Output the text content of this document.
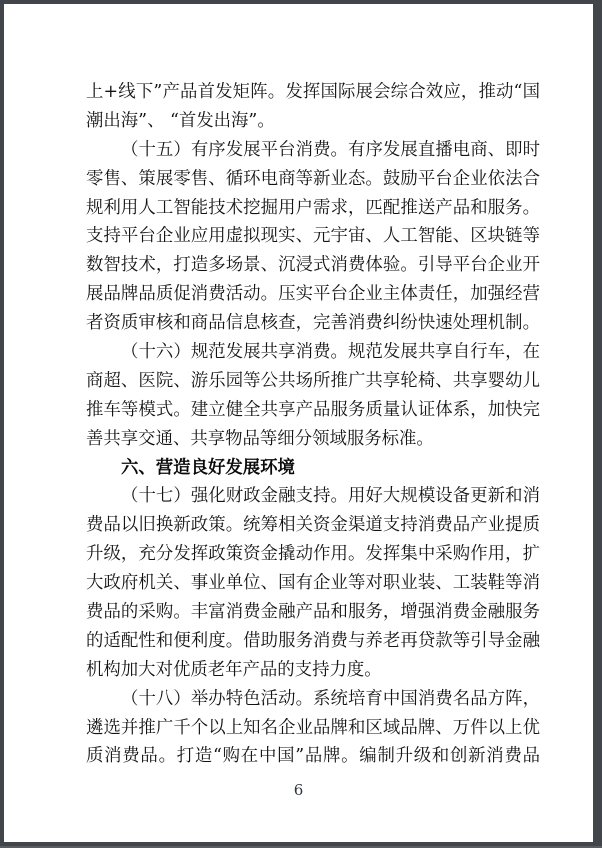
上+线下”产品首发矩阵。发挥国际展会综合效应，推动“国
潮出海”、 “首发出海”。
（十五）有序发展平台消费。有序发展直播电商、即时
零售、策展零售、循环电商等新业态。鼓励平台企业依法合
规利用人工智能技术挖掘用户需求，匹配推送产品和服务。
支持平台企业应用虚拟现实、元宇宙、人工智能、区块链等
数智技术，打造多场景、沉浸式消费体验。引导平台企业开
展品牌品质促消费活动。压实平台企业主体责任，加强经营
者资质审核和商品信息核查，完善消费纠纷快速处理机制。
（十六）规范发展共享消费。规范发展共享自行车，在
商超、医院、游乐园等公共场所推广共享轮椅、共享婴幼儿
推车等模式。建立健全共享产品服务质量认证体系，加快完
善共享交通、共享物品等细分领域服务标准。
六、营造良好发展环境
（十七）强化财政金融支持。用好大规模设备更新和消
费品以旧换新政策。统筹相关资金渠道支持消费品产业提质
升级，充分发挥政策资金撬动作用。发挥集中采购作用，扩
大政府机关、事业单位、国有企业等对职业装、工装鞋等消
费品的采购。丰富消费金融产品和服务，增强消费金融服务
的适配性和便利度。借助服务消费与养老再贷款等引导金融
机构加大对优质老年产品的支持力度。
（十八）举办特色活动。系统培育中国消费名品方阵，
遴选并推广千个以上知名企业品牌和区域品牌、万件以上优
质消费品。打造“购在中国”品牌。编制升级和创新消费品
6
